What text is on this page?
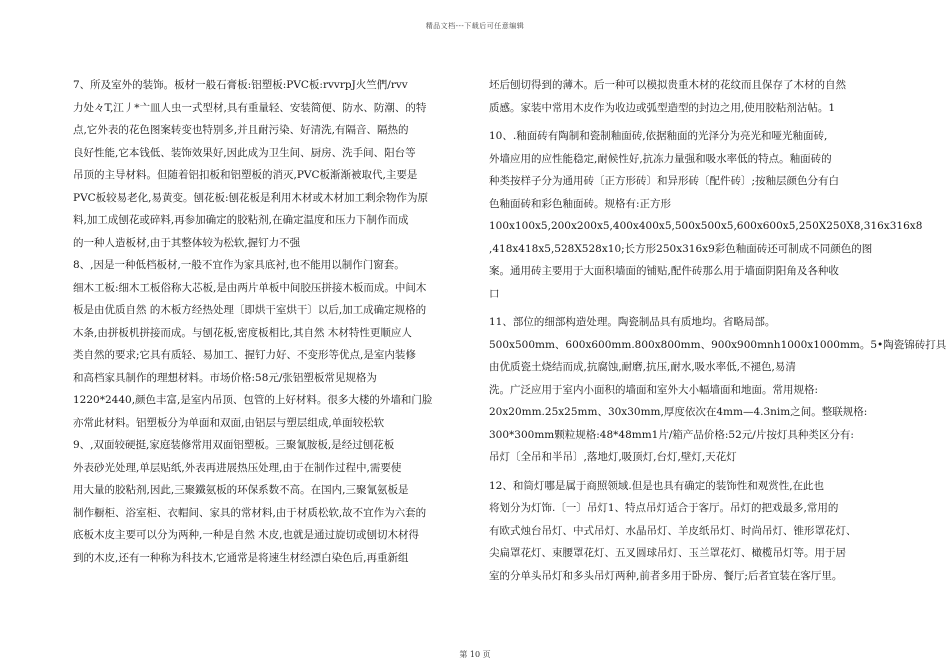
精品文档---下载后可任意编辑
7、所及室外的装饰。板材一般石膏板:铝塑板:PVC板:rvvrpJ火竺們/rvv
力处々T,江丿*亠皿人虫一式型材,具有重量轻、安装简便、防水、防潮、的特
点,它外表的花色图案转变也特别多,并且耐污染、好清洗,有隔音、隔热的
良好性能,它本钱低、装饰效果好,因此成为卫生间、厨房、洗手间、阳台等
吊顶的主导材料。但随着铝扣板和铝塑板的消灭,PVC板渐渐被取代,主要是
PVC板较易老化,易黄变。刨花板:刨花板是利用木材或木材加工剩余物作为原
料,加工成刨花或碎料,再参加确定的胶粘剂,在确定温度和压力下制作而成
的一种人造板材,由于其整体较为松软,握钉力不强
8、,因是一种低档板材,一般不宜作为家具底衬,也不能用以制作门窗套。
细木工板:细木工板俗称大芯板,是由两片单板中间胶压拼接木板而成。中间木
板是由优质自然 的木板方经热处理〔即烘干室烘干〕以后,加工成确定规格的
木条,由拼板机拼接而成。与刨花板,密度板相比,其自然 木材特性更顺应人
类自然的要求;它具有质轻、易加工、握钉力好、不变形等优点,是室内装修
和高档家具制作的理想材料。市场价格:58元/张铝塑板常见规格为
1220*2440,颜色丰富,是室内吊顶、包管的上好材料。很多大楼的外墙和门脸
亦常此材料。铝塑板分为单面和双面,由铝层与塑层组成,单面较松软
9、,双面较硬挺,家庭装修常用双面铝塑板。三聚氰胺板,是经过刨花板
外表砂光处理,单层贴纸,外表再进展热压处理,由于在制作过程中,需要使
用大量的胶粘剂,因此,三聚鐵氨板的环保系数不高。在国内,三聚氰氨板是
制作橱柜、浴室柜、衣帽间、家具的常材料,由于材质松软,故不宜作为六套的
底板木皮主要可以分为两种,一种是自然 木皮,也就是通过旋切或刨切木材得
到的木皮,还有一种称为科技木,它通常是将速生材经漂白染色后,再重新组
坯后刨切得到的薄木。后一种可以模拟贵重木材的花纹而且保存了木材的自然
质感。家装中常用木皮作为收边或弧型造型的封边之用,使用胶粘剂沾帖。1
10、.釉面砖有陶制和瓷制釉面砖,依据釉面的光泽分为亮光和哑光釉面砖,
外墙应用的应性能稳定,耐候性好,抗冻力量强和吸水率低的特点。釉面砖的
种类按样子分为通用砖〔正方形砖〕和异形砖〔配件砖〕;按釉层颜色分有白
色釉面砖和彩色釉面砖。规格有:正方形
100x100x5,200x200x5,400x400x5,500x500x5,600x600x5,250X250X8,316x316x8
,418x418x5,528X528x10;长方形250x316x9彩色釉面砖还可制成不同颜色的图
案。通用砖主要用于大面积墙面的铺贴,配件砖那么用于墙面阴阳角及各种收
口
11、部位的细部构造处理。陶瓷制品具有质地均。省略局部。
500x500mm、600x600mm.800x800mm、900x900mnh1000x1000mm。5•陶瓷锦砖打具
由优质瓷土烧结而成,抗腐蚀,耐磨,抗压,耐水,吸水率低,不褪色,易清
洗。广泛应用于室内小面积的墙面和室外大小幅墙面和地面。常用规格:
20x20mm.25x25mm、30x30mm,厚度依次在4mm—4.3nim之间。整联规格:
300*300mm颗粒规格:48*48mm1片/箱产品价格:52元/片按灯具种类区分有:
吊灯〔全吊和半吊〕,落地灯,吸顶灯,台灯,壁灯,天花灯
12、和筒灯哪是属于商照领域.但是也具有确定的装饰性和观赏性,在此也
将划分为灯饰.〔一〕吊灯1、特点吊灯适合于客厅。吊灯的把戏最多,常用的
有欧式烛台吊灯、中式吊灯、水晶吊灯、羊皮纸吊灯、时尚吊灯、锥形罩花灯、
尖扁罩花灯、束腰罩花灯、五叉圆球吊灯、玉兰罩花灯、橄榄吊灯等。用于居
室的分单头吊灯和多头吊灯两种,前者多用于卧房、餐厅;后者宜装在客厅里。
第 10 页
